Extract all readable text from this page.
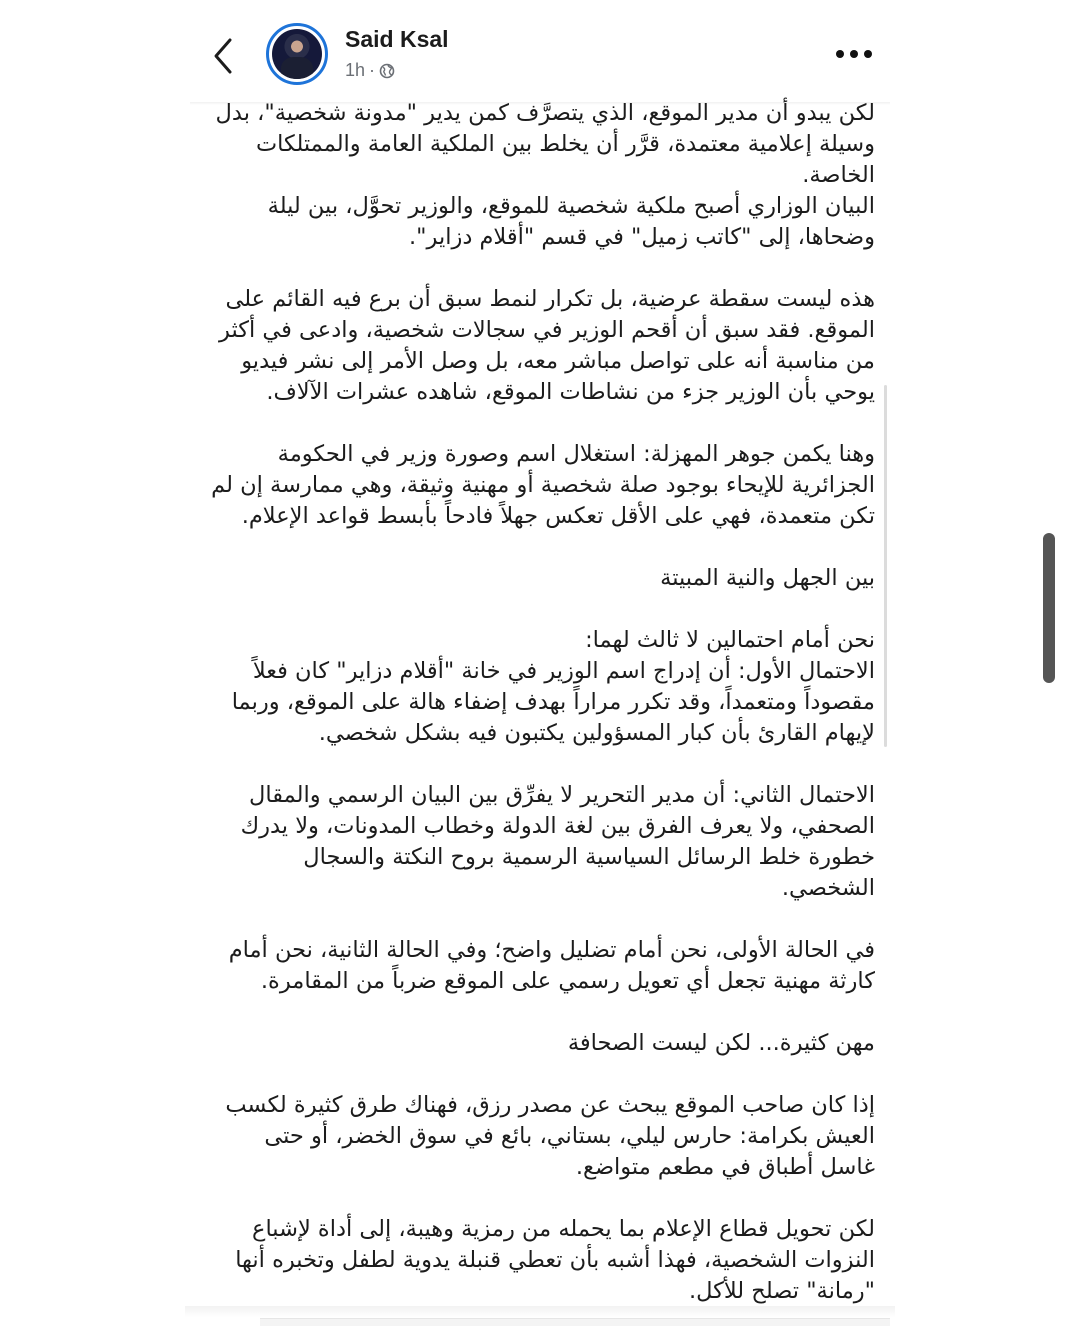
Said Ksal
1h ·

لكن يبدو أن مدير الموقع، الذي يتصرَّف كمن يدير "مدونة شخصية"، بدل وسيلة إعلامية معتمدة، قرَّر أن يخلط بين الملكية العامة والممتلكات الخاصة.

البيان الوزاري أصبح ملكية شخصية للموقع، والوزير تحوَّل، بين ليلة وضحاها، إلى "كاتب زميل" في قسم "أقلام دزاير".

هذه ليست سقطة عرضية، بل تكرار لنمط سبق أن برع فيه القائم على الموقع. فقد سبق أن أقحم الوزير في سجالات شخصية، وادعى في أكثر من مناسبة أنه على تواصل مباشر معه، بل وصل الأمر إلى نشر فيديو يوحي بأن الوزير جزء من نشاطات الموقع، شاهده عشرات الآلاف.

وهنا يكمن جوهر المهزلة: استغلال اسم وصورة وزير في الحكومة الجزائرية للإيحاء بوجود صلة شخصية أو مهنية وثيقة، وهي ممارسة إن لم تكن متعمدة، فهي على الأقل تعكس جهلاً فادحاً بأبسط قواعد الإعلام.

بين الجهل والنية المبيتة

نحن أمام احتمالين لا ثالث لهما:

الاحتمال الأول: أن إدراج اسم الوزير في خانة "أقلام دزاير" كان فعلاً مقصوداً ومتعمداً، وقد تكرر مراراً بهدف إضفاء هالة على الموقع، وربما لإيهام القارئ بأن كبار المسؤولين يكتبون فيه بشكل شخصي.

الاحتمال الثاني: أن مدير التحرير لا يفرِّق بين البيان الرسمي والمقال الصحفي، ولا يعرف الفرق بين لغة الدولة وخطاب المدونات، ولا يدرك خطورة خلط الرسائل السياسية الرسمية بروح النكتة والسجال الشخصي.

في الحالة الأولى، نحن أمام تضليل واضح؛ وفي الحالة الثانية، نحن أمام كارثة مهنية تجعل أي تعويل رسمي على الموقع ضرباً من المقامرة.

مهن كثيرة... لكن ليست الصحافة

إذا كان صاحب الموقع يبحث عن مصدر رزق، فهناك طرق كثيرة لكسب العيش بكرامة: حارس ليلي، بستاني، بائع في سوق الخضر، أو حتى غاسل أطباق في مطعم متواضع.

لكن تحويل قطاع الإعلام بما يحمله من رمزية وهيبة، إلى أداة لإشباع النزوات الشخصية، فهذا أشبه بأن تعطي قنبلة يدوية لطفل وتخبره أنها "رمانة" تصلح للأكل.
